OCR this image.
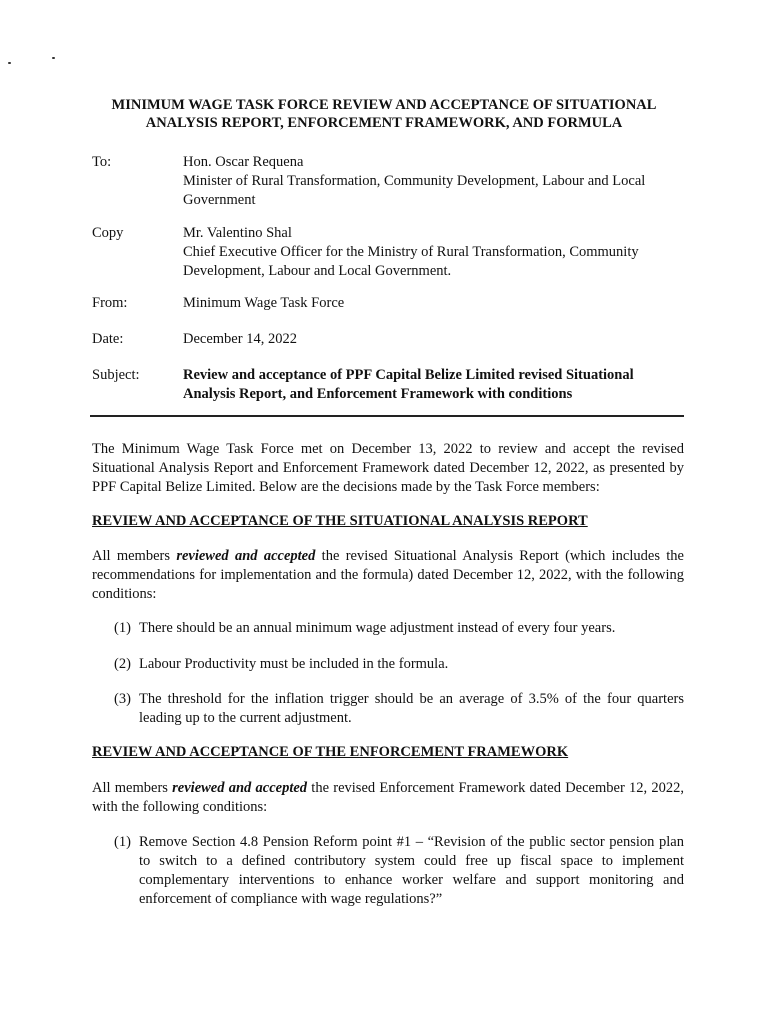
MINIMUM WAGE TASK FORCE REVIEW AND ACCEPTANCE OF SITUATIONAL
ANALYSIS REPORT, ENFORCEMENT FRAMEWORK, AND FORMULA
To:	Hon. Oscar Requena
Minister of Rural Transformation, Community Development, Labour and Local Government
Copy	Mr. Valentino Shal
Chief Executive Officer for the Ministry of Rural Transformation, Community Development, Labour and Local Government.
From:	Minimum Wage Task Force
Date:	December 14, 2022
Subject:	Review and acceptance of PPF Capital Belize Limited revised Situational Analysis Report, and Enforcement Framework with conditions
The Minimum Wage Task Force met on December 13, 2022 to review and accept the revised Situational Analysis Report and Enforcement Framework dated December 12, 2022, as presented by PPF Capital Belize Limited. Below are the decisions made by the Task Force members:
REVIEW AND ACCEPTANCE OF THE SITUATIONAL ANALYSIS REPORT
All members reviewed and accepted the revised Situational Analysis Report (which includes the recommendations for implementation and the formula) dated December 12, 2022, with the following conditions:
(1) There should be an annual minimum wage adjustment instead of every four years.
(2) Labour Productivity must be included in the formula.
(3) The threshold for the inflation trigger should be an average of 3.5% of the four quarters leading up to the current adjustment.
REVIEW AND ACCEPTANCE OF THE ENFORCEMENT FRAMEWORK
All members reviewed and accepted the revised Enforcement Framework dated December 12, 2022, with the following conditions:
(1) Remove Section 4.8 Pension Reform point #1 – “Revision of the public sector pension plan to switch to a defined contributory system could free up fiscal space to implement complementary interventions to enhance worker welfare and support monitoring and enforcement of compliance with wage regulations?”
